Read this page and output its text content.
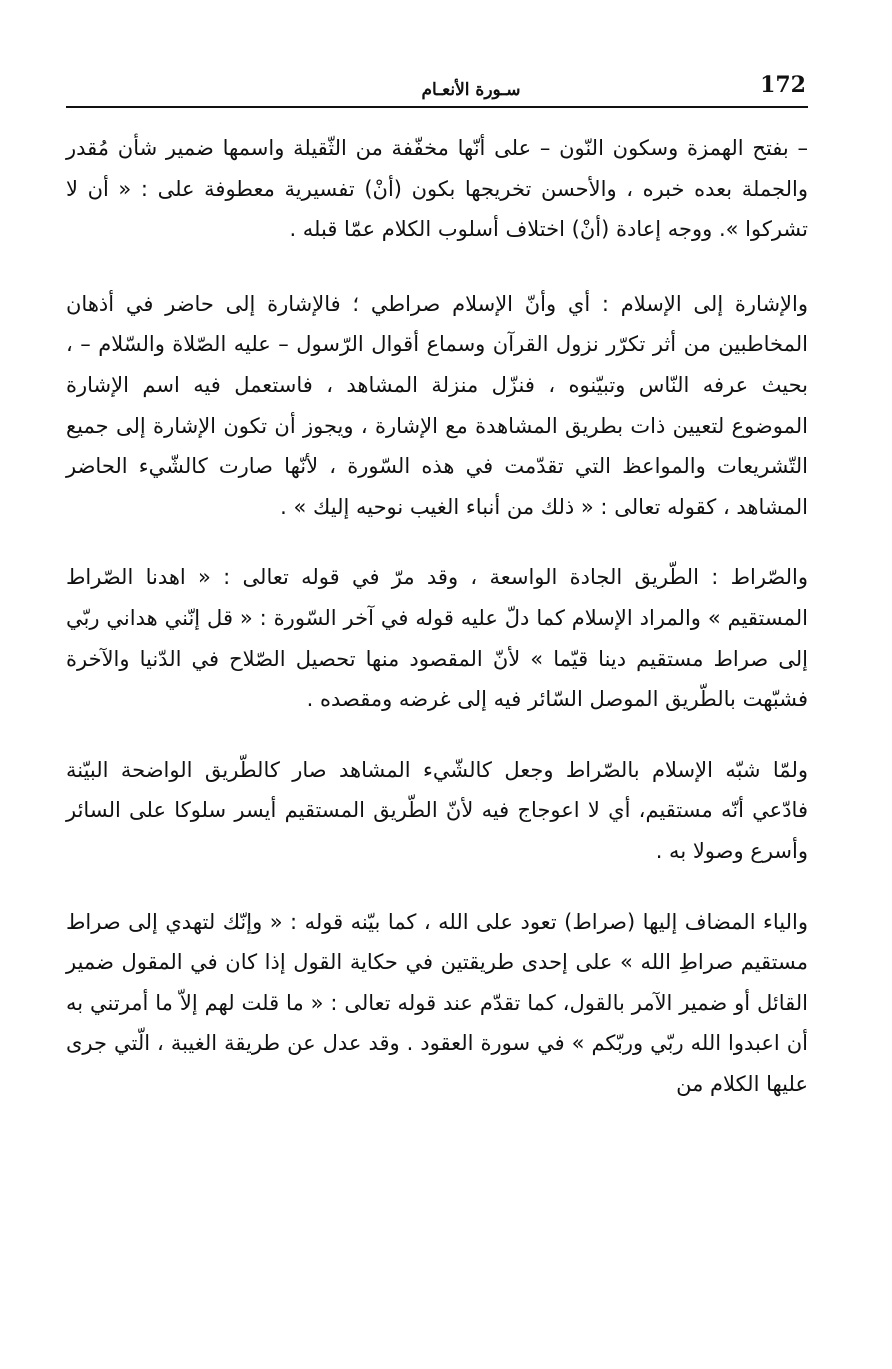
172
سـورة الأنعـام

– بفتح الهمزة وسكون النّون – على أنّها مخفّفة من الثّقيلة واسمها ضمير شأن مُقدر والجملة بعده خبره ، والأحسن تخريجها بكون (أنْ) تفسيرية معطوفة على : « أن لا تشركوا ». ووجه إعادة (أنْ) اختلاف أسلوب الكلام عمّا قبله .

والإشارة إلى الإسلام : أي وأنّ الإسلام صراطي ؛ فالإشارة إلى حاضر في أذهان المخاطبين من أثر تكرّر نزول القرآن وسماع أقوال الرّسول – عليه الصّلاة والسّلام – ، بحيث عرفه النّاس وتبيّنوه ، فنزّل منزلة المشاهد ، فاستعمل فيه اسم الإشارة الموضوع لتعيين ذات بطريق المشاهدة مع الإشارة ، ويجوز أن تكون الإشارة إلى جميع التّشريعات والمواعظ التي تقدّمت في هذه السّورة ، لأنّها صارت كالشّيء الحاضر المشاهد ، كقوله تعالى : « ذلك من أنباء الغيب نوحيه إليك » .

والصّراط : الطّريق الجادة الواسعة ، وقد مرّ في قوله تعالى : « اهدنا الصّراط المستقيم » والمراد الإسلام كما دلّ عليه قوله في آخر السّورة : « قل إنّني هداني ربّي إلى صراط مستقيم دينا قيّما » لأنّ المقصود منها تحصيل الصّلاح في الدّنيا والآخرة فشبّهت بالطّريق الموصل السّائر فيه إلى غرضه ومقصده .

ولمّا شبّه الإسلام بالصّراط وجعل كالشّيء المشاهد صار كالطّريق الواضحة البيّنة فادّعي أنّه مستقيم، أي لا اعوجاج فيه لأنّ الطّريق المستقيم أيسر سلوكا على السائر وأسرع وصولا به .

والياء المضاف إليها (صراط) تعود على الله ، كما بيّنه قوله : « وإنّك لتهدي إلى صراط مستقيم صراطِ الله » على إحدى طريقتين في حكاية القول إذا كان في المقول ضمير القائل أو ضمير الآمر بالقول، كما تقدّم عند قوله تعالى : « ما قلت لهم إلاّ ما أمرتني به أن اعبدوا الله ربّي وربّكم » في سورة العقود . وقد عدل عن طريقة الغيبة ، الّتي جرى عليها الكلام من
